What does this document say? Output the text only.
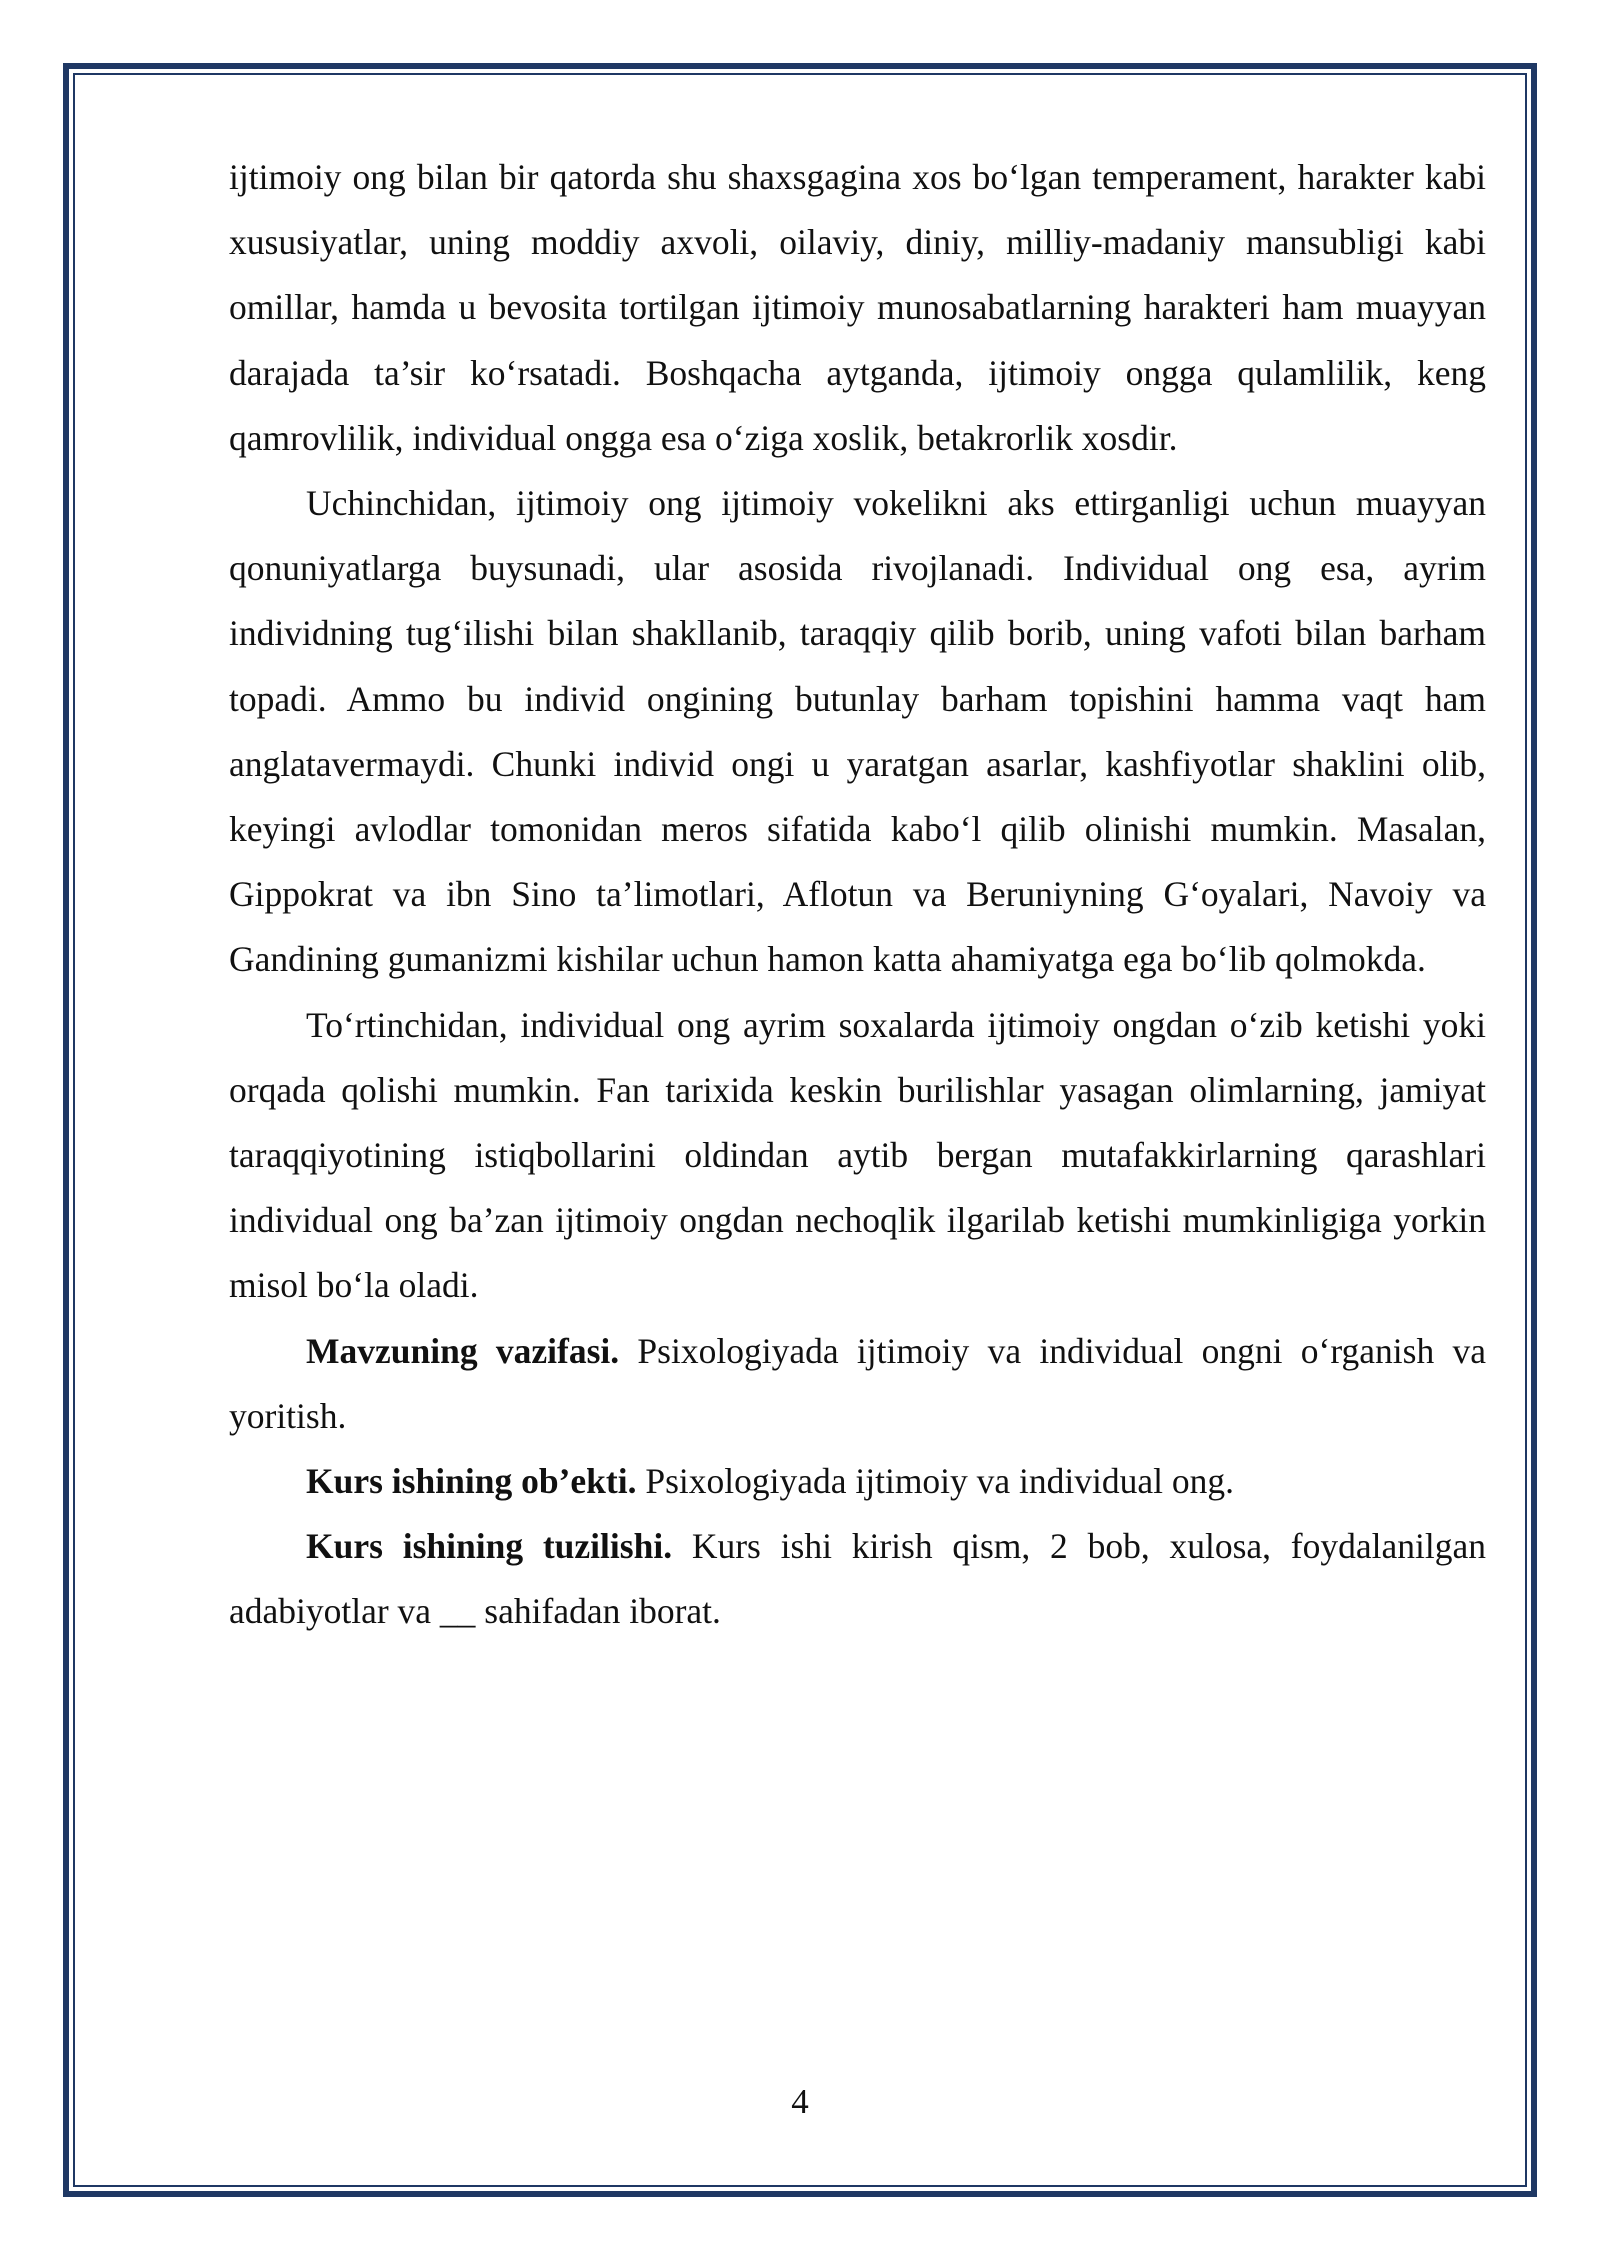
ijtimoiy ong bilan bir qatorda shu shaxsgagina xos bo‘lgan temperament, harakter kabi xususiyatlar, uning moddiy axvoli, oilaviy, diniy, milliy-madaniy mansubligi kabi omillar, hamda u bevosita tortilgan ijtimoiy munosabatlarning harakteri ham muayyan darajada ta’sir ko‘rsatadi. Boshqacha aytganda, ijtimoiy ongga qulamlilik, keng qamrovlilik, individual ongga esa o‘ziga xoslik, betakrorlik xosdir.

Uchinchidan, ijtimoiy ong ijtimoiy vokelikni aks ettirganligi uchun muayyan qonuniyatlarga buysunadi, ular asosida rivojlanadi. Individual ong esa, ayrim individning tug‘ilishi bilan shakllanib, taraqqiy qilib borib, uning vafoti bilan barham topadi. Ammo bu individ ongining butunlay barham topishini hamma vaqt ham anglatavermaydi. Chunki individ ongi u yaratgan asarlar, kashfiyotlar shaklini olib, keyingi avlodlar tomonidan meros sifatida kabo‘l qilib olinishi mumkin. Masalan, Gippokrat va ibn Sino ta’limotlari, Aflotun va Beruniyning G‘oyalari, Navoiy va Gandining gumanizmi kishilar uchun hamon katta ahamiyatga ega bo‘lib qolmokda.

To‘rtinchidan, individual ong ayrim soxalarda ijtimoiy ongdan o‘zib ketishi yoki orqada qolishi mumkin. Fan tarixida keskin burilishlar yasagan olimlarning, jamiyat taraqqiyotining istiqbollarini oldindan aytib bergan mutafakkirlarning qarashlari individual ong ba’zan ijtimoiy ongdan nechoqlik ilgarilab ketishi mumkinligiga yorkin misol bo‘la oladi.

Mavzuning vazifasi. Psixologiyada ijtimoiy va individual ongni o‘rganish va yoritish.

Kurs ishining ob’ekti. Psixologiyada ijtimoiy va individual ong.

Kurs ishining tuzilishi. Kurs ishi kirish qism, 2 bob, xulosa, foydalanilgan adabiyotlar va __ sahifadan iborat.

4
